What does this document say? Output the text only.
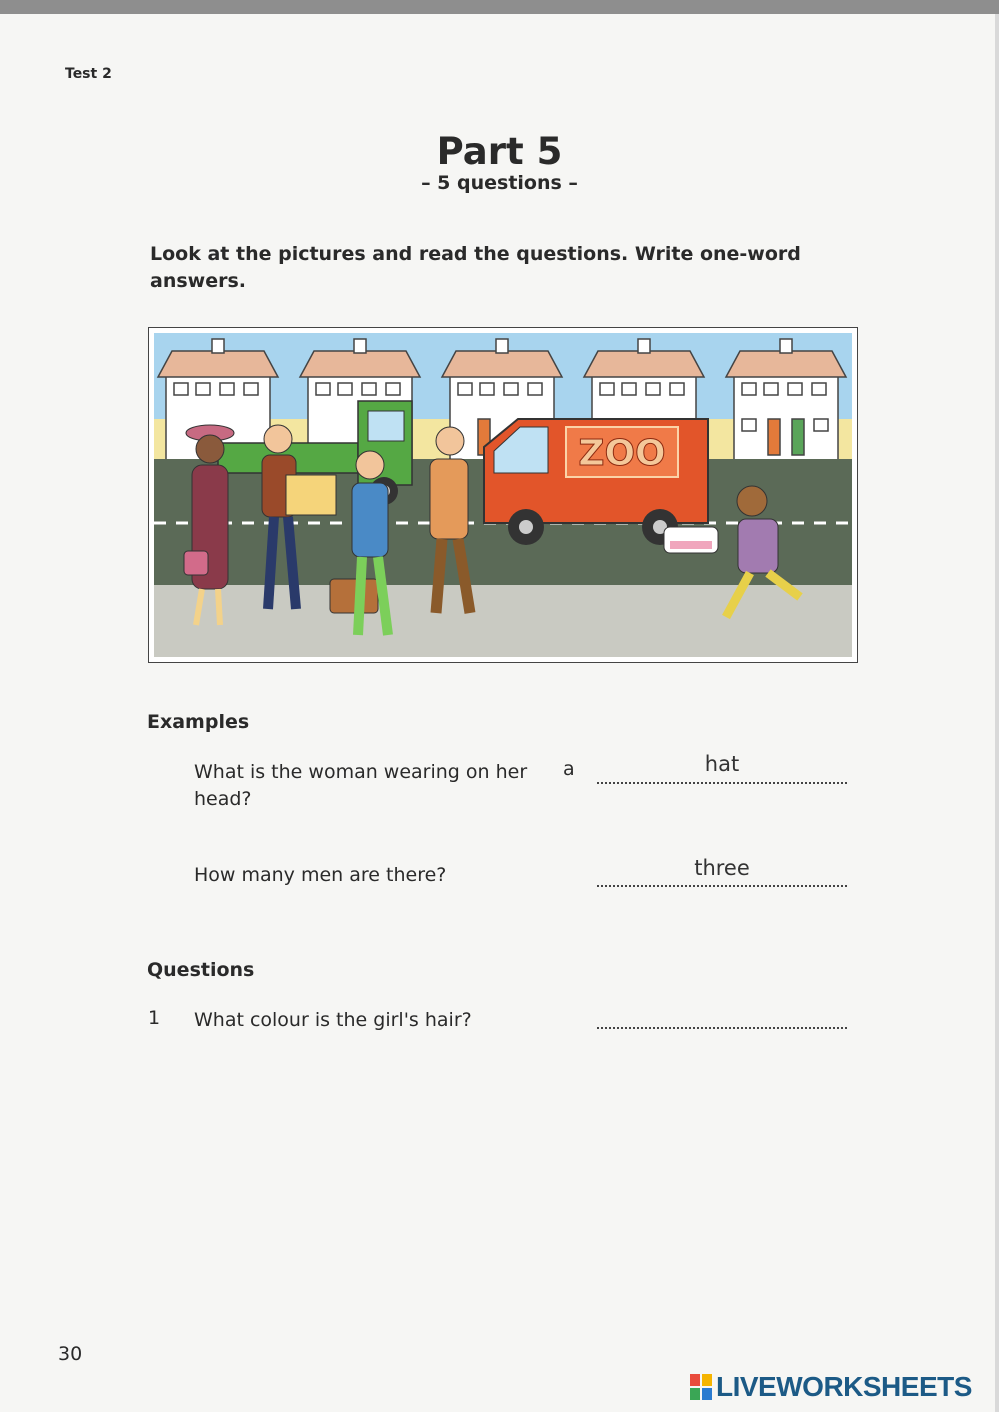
Test 2
Part 5
– 5 questions –
Look at the pictures and read the questions. Write one-word answers.
ZOO
Examples
What is the woman wearing on her head?
a	hat
How many men are there?	three
Questions
1 What colour is the girl's hair?
30
LIVEWORKSHEETS
